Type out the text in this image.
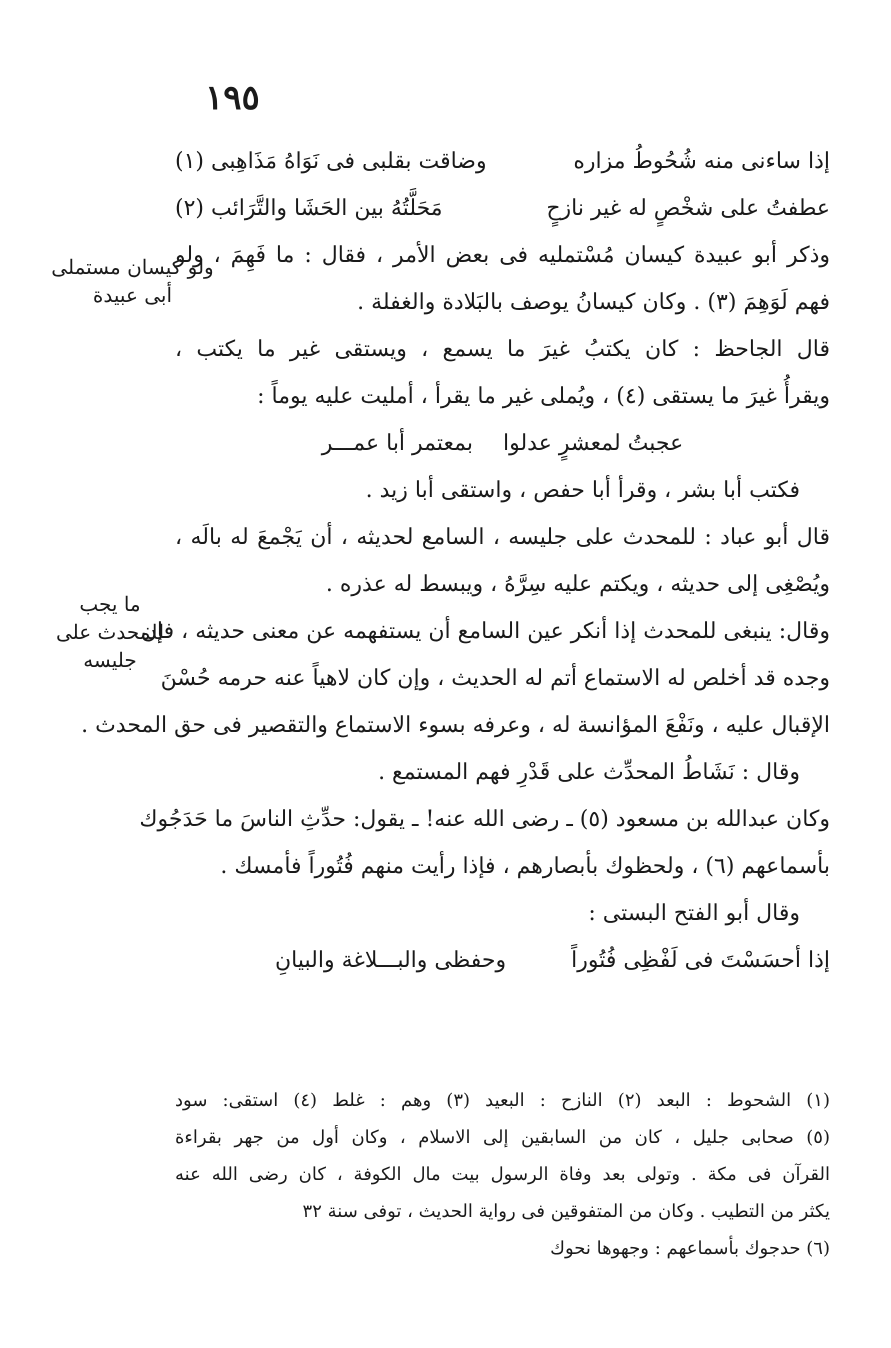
١٩٥
ولو كيسان مستملى
أبى عبيدة
ما يجب
للمحدث على
جليسه
إذا ساءنى منه شُحُوطُ مزاره
وضاقت بقلبى فى نَوَاهُ مَذَاهِبى (١)
عطفتُ على شخْصٍ له غير نازحٍ
مَحَلَّتُهُ بين الحَشَا والتَّرَائب (٢)
وذكر أبو عبيدة كيسان مُسْتمليه فى بعض الأمر ، فقال : ما فَهِمَ ، ولو
فهم لَوَهِمَ (٣) . وكان كيسانُ يوصف بالبَلادة والغفلة .
قال الجاحظ : كان يكتبُ غيرَ ما يسمع ، ويستقى غير ما يكتب ،
ويقرأُ غيرَ ما يستقى (٤) ، ويُملى غير ما يقرأ ، أمليت عليه يوماً :
عجبتُ لمعشرٍ عدلوا
بمعتمر أبا عمـــر
فكتب أبا بشر ، وقرأ أبا حفص ، واستقى أبا زيد .
قال أبو عباد : للمحدث على جليسه ، السامع لحديثه ، أن يَجْمعَ له بالَه ،
ويُصْغِى إلى حديثه ، ويكتم عليه سِرَّهُ ، ويبسط له عذره .
وقال: ينبغى للمحدث إذا أنكر عين السامع أن يستفهمه عن معنى حديثه ، فإن
وجده قد أخلص له الاستماع أتم له الحديث ، وإن كان لاهياً عنه حرمه حُسْنَ
الإقبال عليه ، ونَفْعَ المؤانسة له ، وعرفه بسوء الاستماع والتقصير فى حق المحدث .
وقال : نَشَاطُ المحدِّث على قَدْرِ فهم المستمع .
وكان عبدالله بن مسعود (٥) ـ رضى الله عنه! ـ يقول: حدِّثِ الناسَ ما حَدَجُوك
بأسماعهم (٦) ، ولحظوك بأبصارهم ، فإذا رأيت منهم فُتُوراً فأمسك .
وقال أبو الفتح البستى :
إذا أحسَسْتَ فى لَفْظِى فُتُوراً
وحفظى والبـــلاغة والبيانِ
(١) الشحوط : البعد (٢) النازح : البعيد (٣) وهم : غلط (٤) استقى: سود
(٥) صحابى جليل ، كان من السابقين إلى الاسلام ، وكان أول من جهر بقراءة
القرآن فى مكة . وتولى بعد وفاة الرسول بيت مال الكوفة ، كان رضى الله عنه
يكثر من التطيب . وكان من المتفوقين فى رواية الحديث ، توفى سنة ٣٢
(٦) حدجوك بأسماعهم : وجهوها نحوك
